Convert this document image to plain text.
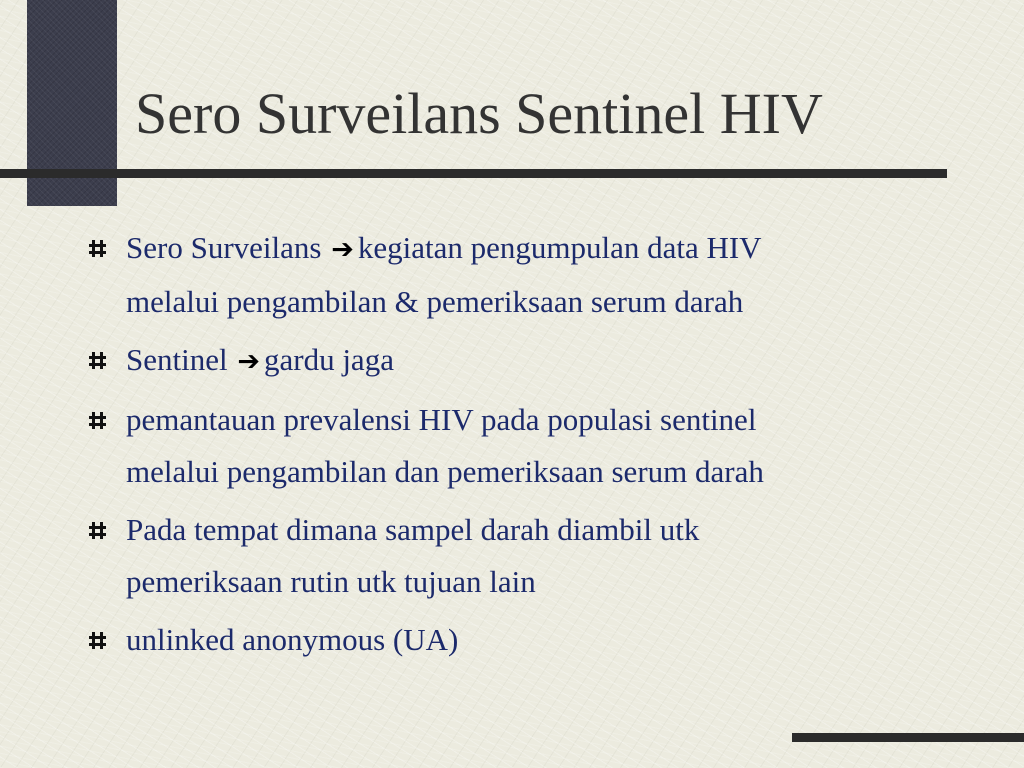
Sero Surveilans Sentinel HIV
Sero Surveilans ➔ kegiatan pengumpulan data HIV
melalui pengambilan & pemeriksaan serum darah
Sentinel ➔ gardu jaga
pemantauan prevalensi HIV pada populasi sentinel
melalui pengambilan dan pemeriksaan serum darah
Pada tempat dimana sampel darah diambil utk
pemeriksaan rutin utk tujuan lain
unlinked anonymous (UA)
